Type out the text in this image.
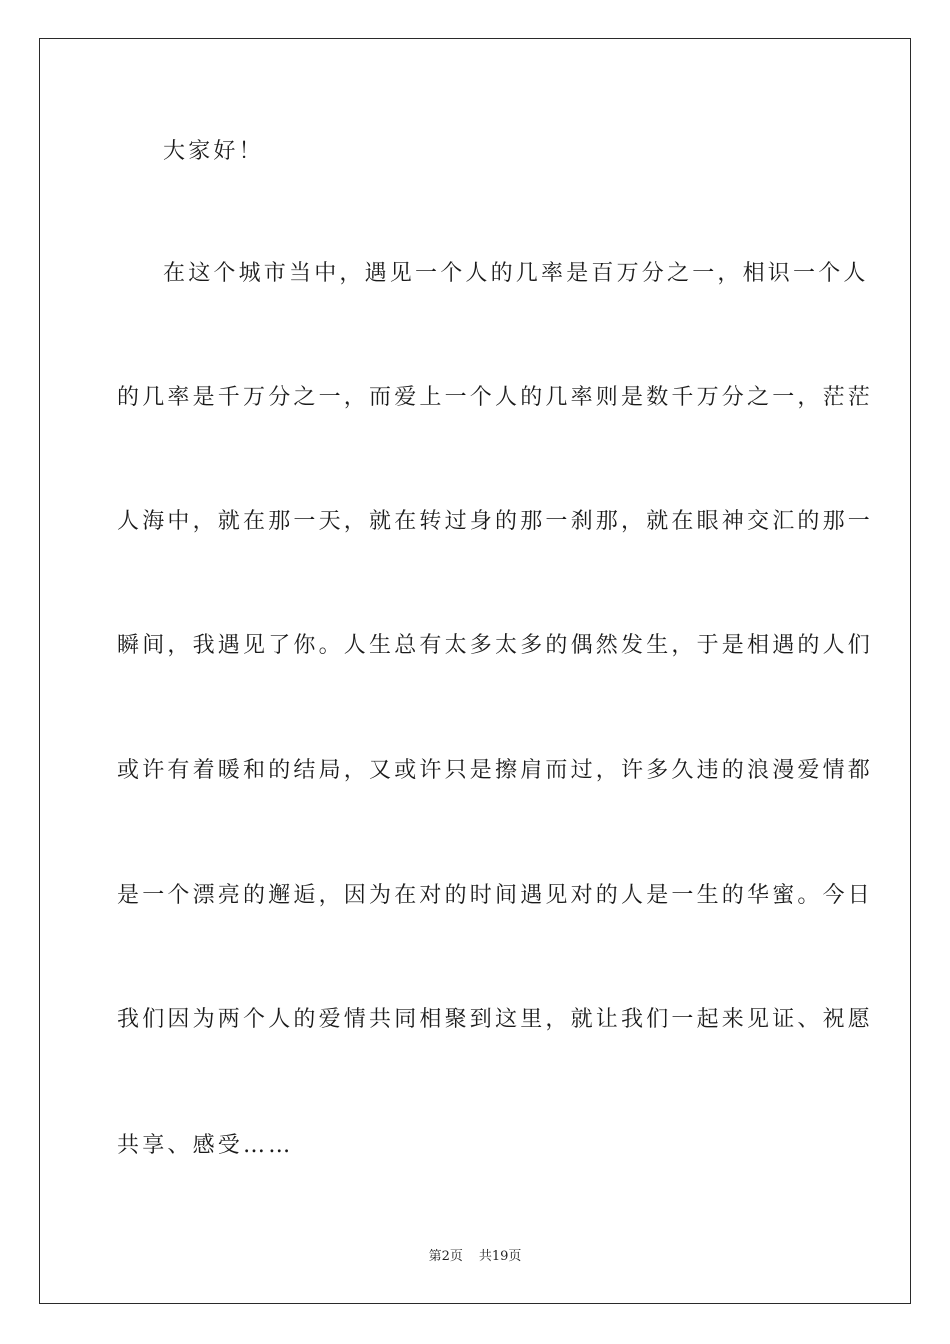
大家好！
在这个城市当中，遇见一个人的几率是百万分之一，相识一个人
的几率是千万分之一，而爱上一个人的几率则是数千万分之一，茫茫
人海中，就在那一天，就在转过身的那一刹那，就在眼神交汇的那一
瞬间，我遇见了你。人生总有太多太多的偶然发生，于是相遇的人们
或许有着暖和的结局，又或许只是擦肩而过，许多久违的浪漫爱情都
是一个漂亮的邂逅，因为在对的时间遇见对的人是一生的华蜜。今日
我们因为两个人的爱情共同相聚到这里，就让我们一起来见证、祝愿
共享、感受……
第2页 共19页
